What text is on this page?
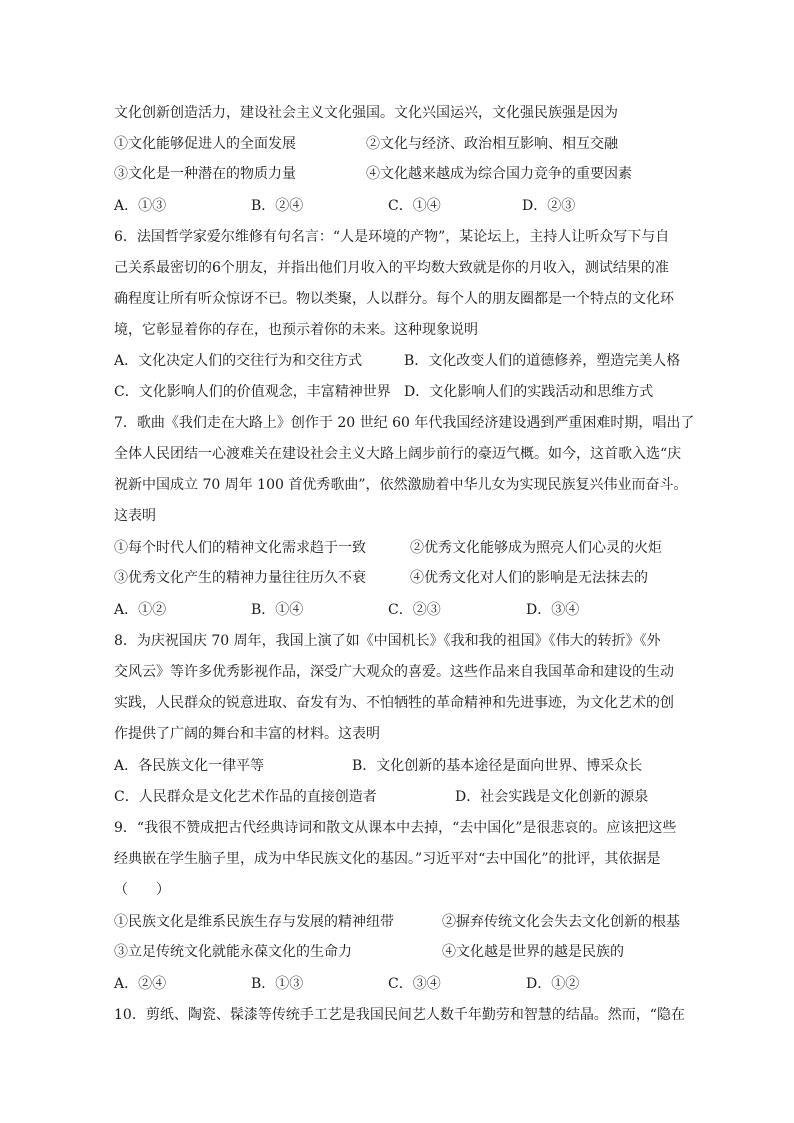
文化创新创造活力，建设社会主义文化强国。文化兴国运兴，文化强民族强是因为
①文化能够促进人的全面发展	②文化与经济、政治相互影响、相互交融
③文化是一种潜在的物质力量	④文化越来越成为综合国力竞争的重要因素
A．①③	B．②④	C．①④	D．②③
6．法国哲学家爱尔维修有句名言：“人是环境的产物”，某论坛上，主持人让听众写下与自
己关系最密切的6个朋友，并指出他们月收入的平均数大致就是你的月收入，测试结果的准
确程度让所有听众惊讶不已。物以类聚，人以群分。每个人的朋友圈都是一个特点的文化环
境，它彰显着你的存在，也预示着你的未来。这种现象说明
A．文化决定人们的交往行为和交往方式	B．文化改变人们的道德修养，塑造完美人格
C．文化影响人们的价值观念，丰富精神世界 D．文化影响人们的实践活动和思维方式
7．歌曲《我们走在大路上》创作于 20 世纪 60 年代我国经济建设遇到严重困难时期，唱出了
全体人民团结一心渡难关在建设社会主义大路上阔步前行的豪迈气概。如今，这首歌入选“庆
祝新中国成立 70 周年 100 首优秀歌曲”，依然激励着中华儿女为实现民族复兴伟业而奋斗。
这表明
①每个时代人们的精神文化需求趋于一致	②优秀文化能够成为照亮人们心灵的火炬
③优秀文化产生的精神力量往往历久不衰	④优秀文化对人们的影响是无法抹去的
A．①②	B．①④	C．②③	D．③④
8．为庆祝国庆 70 周年，我国上演了如《中国机长》《我和我的祖国》《伟大的转折》《外
交风云》等许多优秀影视作品，深受广大观众的喜爱。这些作品来自我国革命和建设的生动
实践，人民群众的锐意进取、奋发有为、不怕牺牲的革命精神和先进事迹，为文化艺术的创
作提供了广阔的舞台和丰富的材料。这表明
A．各民族文化一律平等	B．文化创新的基本途径是面向世界、博采众长
C．人民群众是文化艺术作品的直接创造者	D．社会实践是文化创新的源泉
9．“我很不赞成把古代经典诗词和散文从课本中去掉，“去中国化”是很悲哀的。应该把这些
经典嵌在学生脑子里，成为中华民族文化的基因。”习近平对“去中国化”的批评，其依据是
（　　）
①民族文化是维系民族生存与发展的精神纽带	②摒弃传统文化会失去文化创新的根基
③立足传统文化就能永葆文化的生命力	④文化越是世界的越是民族的
A．②④	B．①③	C．③④	D．①②
10．剪纸、陶瓷、髹漆等传统手工艺是我国民间艺人数千年勤劳和智慧的结晶。然而，“隐在
